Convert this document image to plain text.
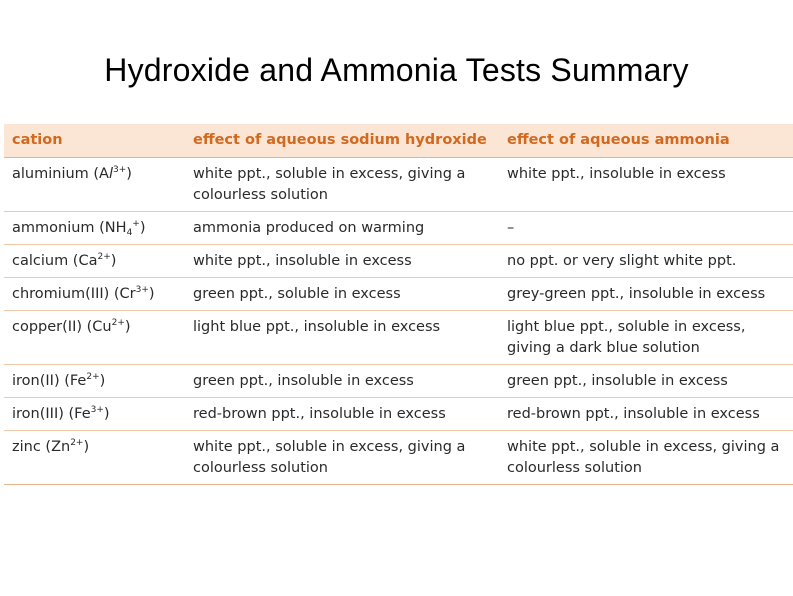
Hydroxide and Ammonia Tests Summary
cation	effect of aqueous sodium hydroxide	effect of aqueous ammonia
aluminium $(Al^{3+})$	white ppt., soluble in excess, giving a colourless solution	white ppt., insoluble in excess
ammonium $(NH_4^+)$	ammonia produced on warming	–
calcium $(Ca^{2+})$	white ppt., insoluble in excess	no ppt. or very slight white ppt.
chromium(III) $(Cr^{3+})$	green ppt., soluble in excess	grey-green ppt., insoluble in excess
copper(II) $(Cu^{2+})$	light blue ppt., insoluble in excess	light blue ppt., soluble in excess, giving a dark blue solution
iron(II) $(Fe^{2+})$	green ppt., insoluble in excess	green ppt., insoluble in excess
iron(III) $(Fe^{3+})$	red-brown ppt., insoluble in excess	red-brown ppt., insoluble in excess
zinc $(Zn^{2+})$	white ppt., soluble in excess, giving a colourless solution	white ppt., soluble in excess, giving a colourless solution
